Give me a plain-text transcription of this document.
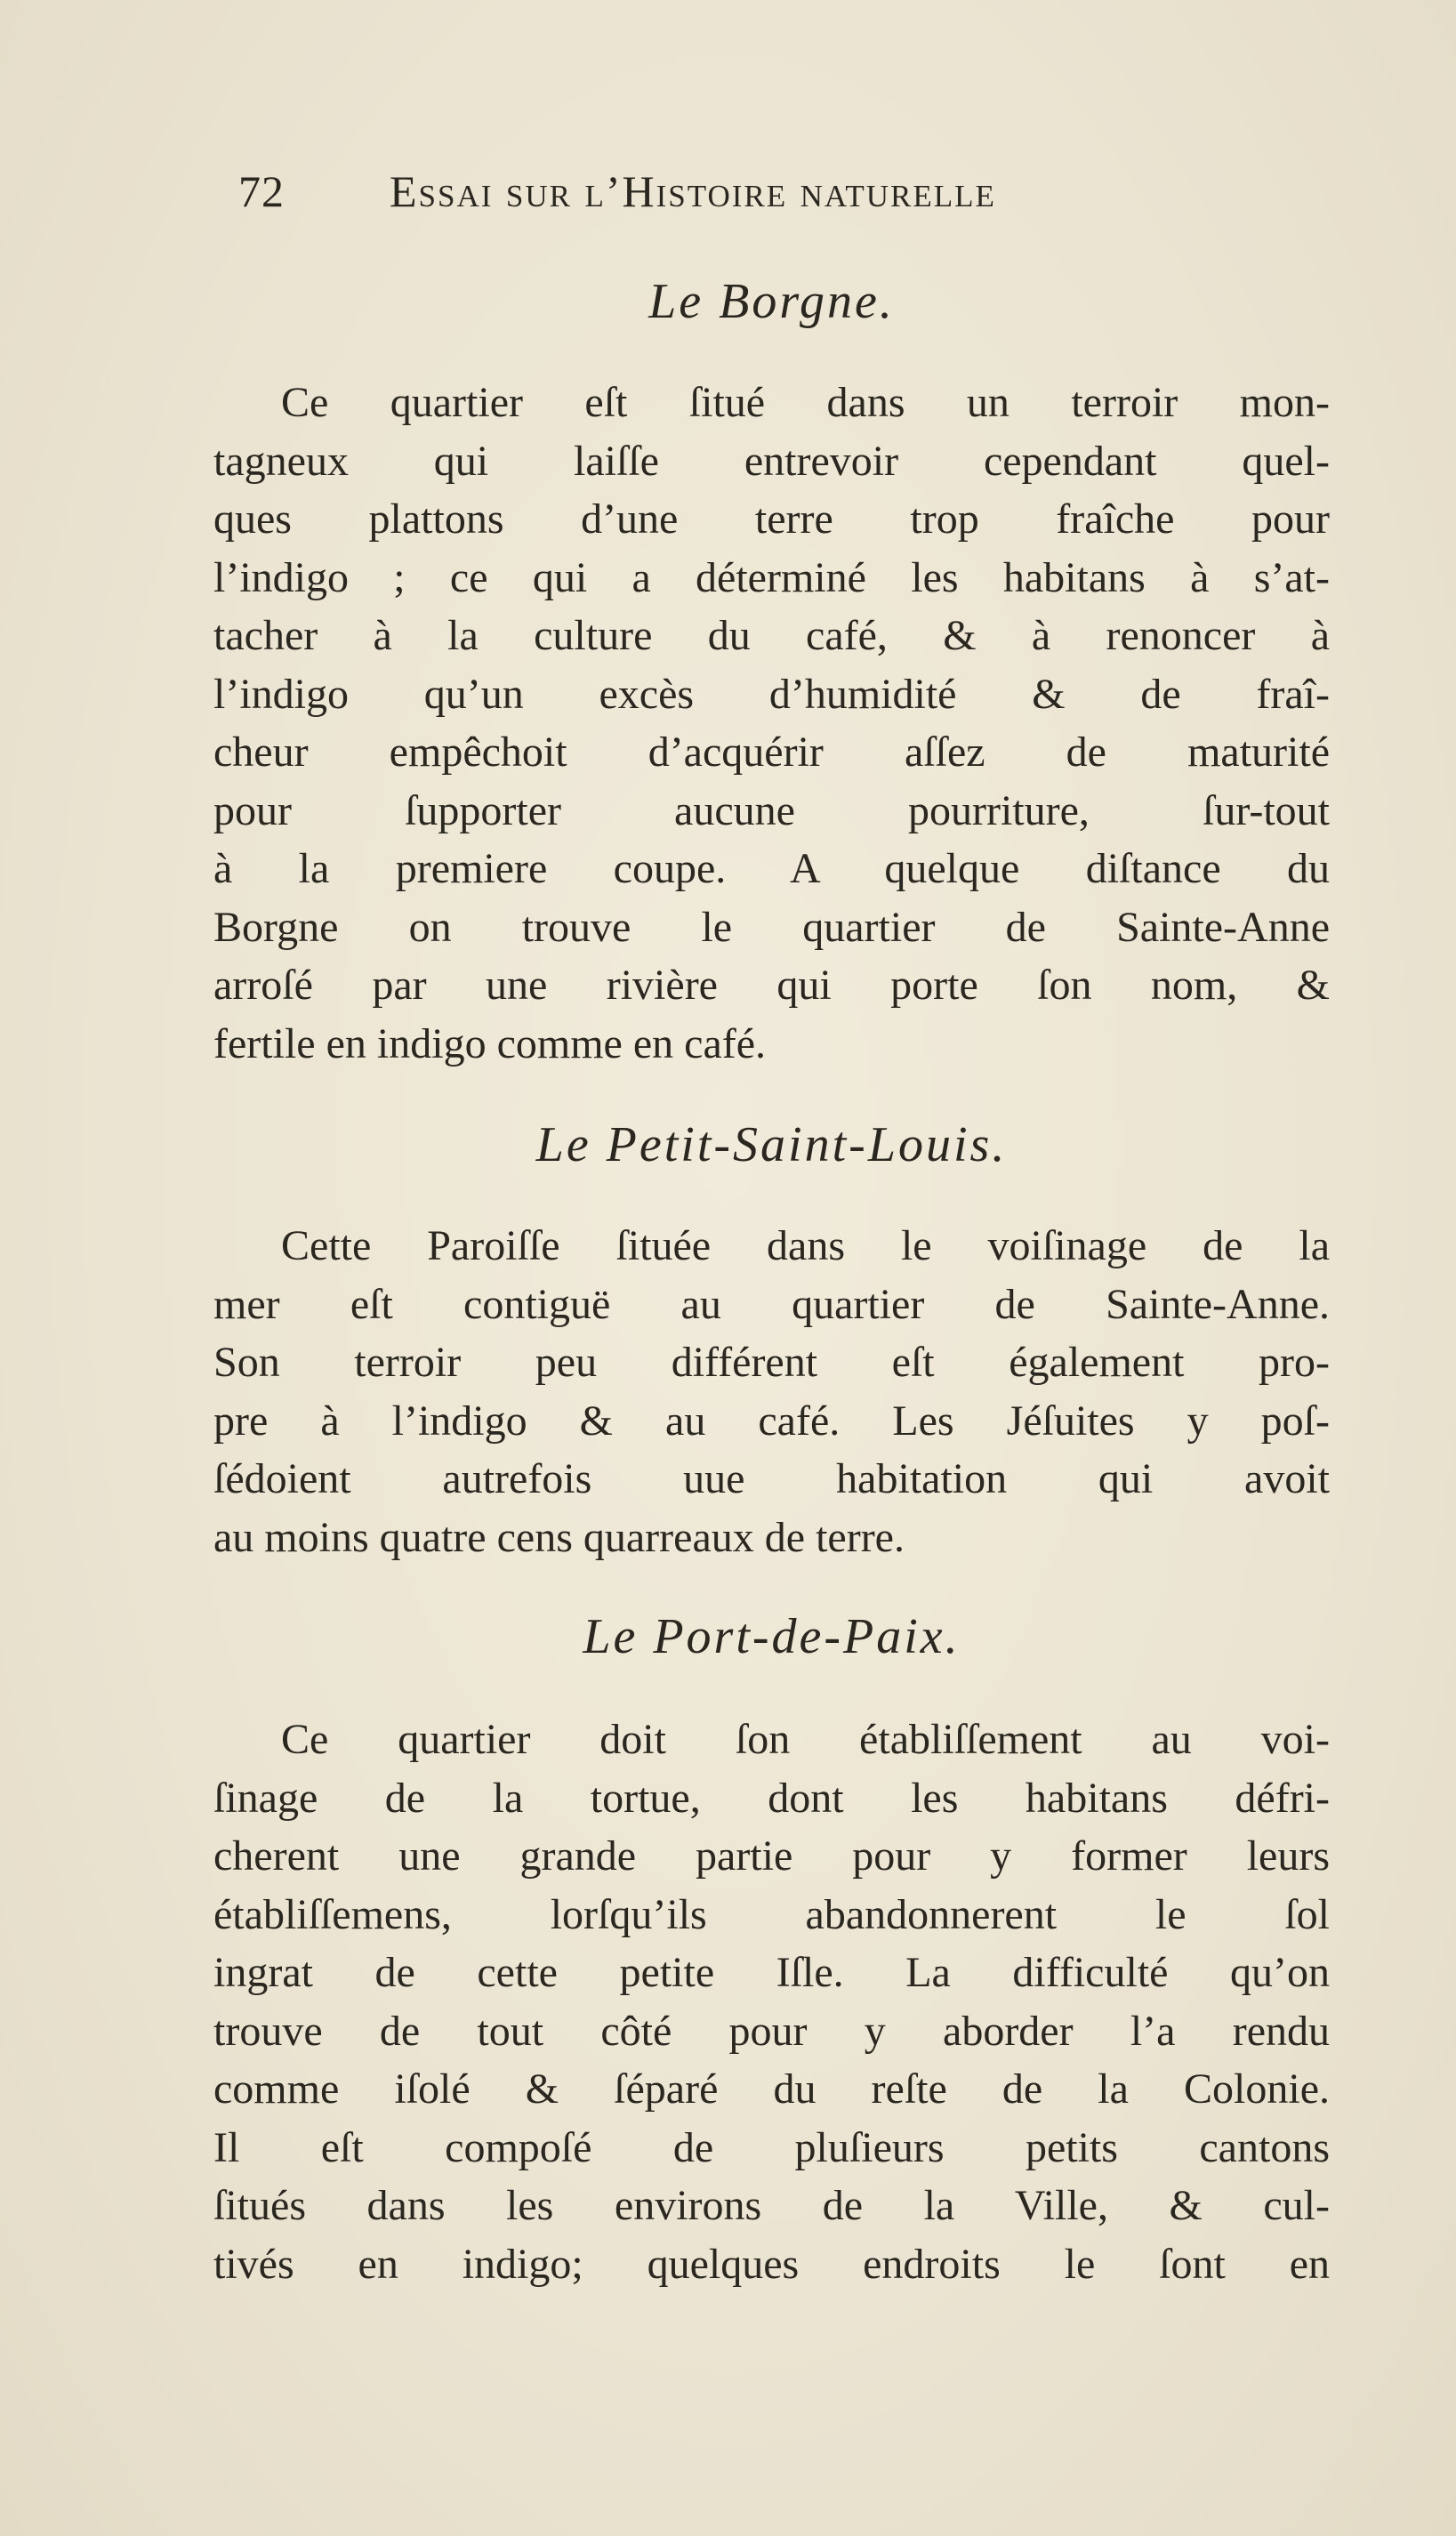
72 Essai sur l’Histoire naturelle
Le Borgne.
Ce quartier eſt ſitué dans un terroir mon-
tagneux qui laiſſe entrevoir cependant quel-
ques plattons d’une terre trop fraîche pour
l’indigo ; ce qui a déterminé les habitans à s’at-
tacher à la culture du café, & à renoncer à
l’indigo qu’un excès d’humidité & de fraî-
cheur empêchoit d’acquérir aſſez de maturité
pour ſupporter aucune pourriture, ſur-tout
à la premiere coupe. A quelque diſtance du
Borgne on trouve le quartier de Sainte-Anne
arroſé par une rivière qui porte ſon nom, &
fertile en indigo comme en café.
Le Petit-Saint-Louis.
Cette Paroiſſe ſituée dans le voiſinage de la
mer eſt contiguë au quartier de Sainte-Anne.
Son terroir peu différent eſt également pro-
pre à l’indigo & au café. Les Jéſuites y poſ-
ſédoient autrefois uue habitation qui avoit
au moins quatre cens quarreaux de terre.
Le Port-de-Paix.
Ce quartier doit ſon établiſſement au voi-
ſinage de la tortue, dont les habitans défri-
cherent une grande partie pour y former leurs
établiſſemens, lorſqu’ils abandonnerent le ſol
ingrat de cette petite Iſle. La difficulté qu’on
trouve de tout côté pour y aborder l’a rendu
comme iſolé & ſéparé du reſte de la Colonie.
Il eſt compoſé de pluſieurs petits cantons
ſitués dans les environs de la Ville, & cul-
tivés en indigo; quelques endroits le ſont en
